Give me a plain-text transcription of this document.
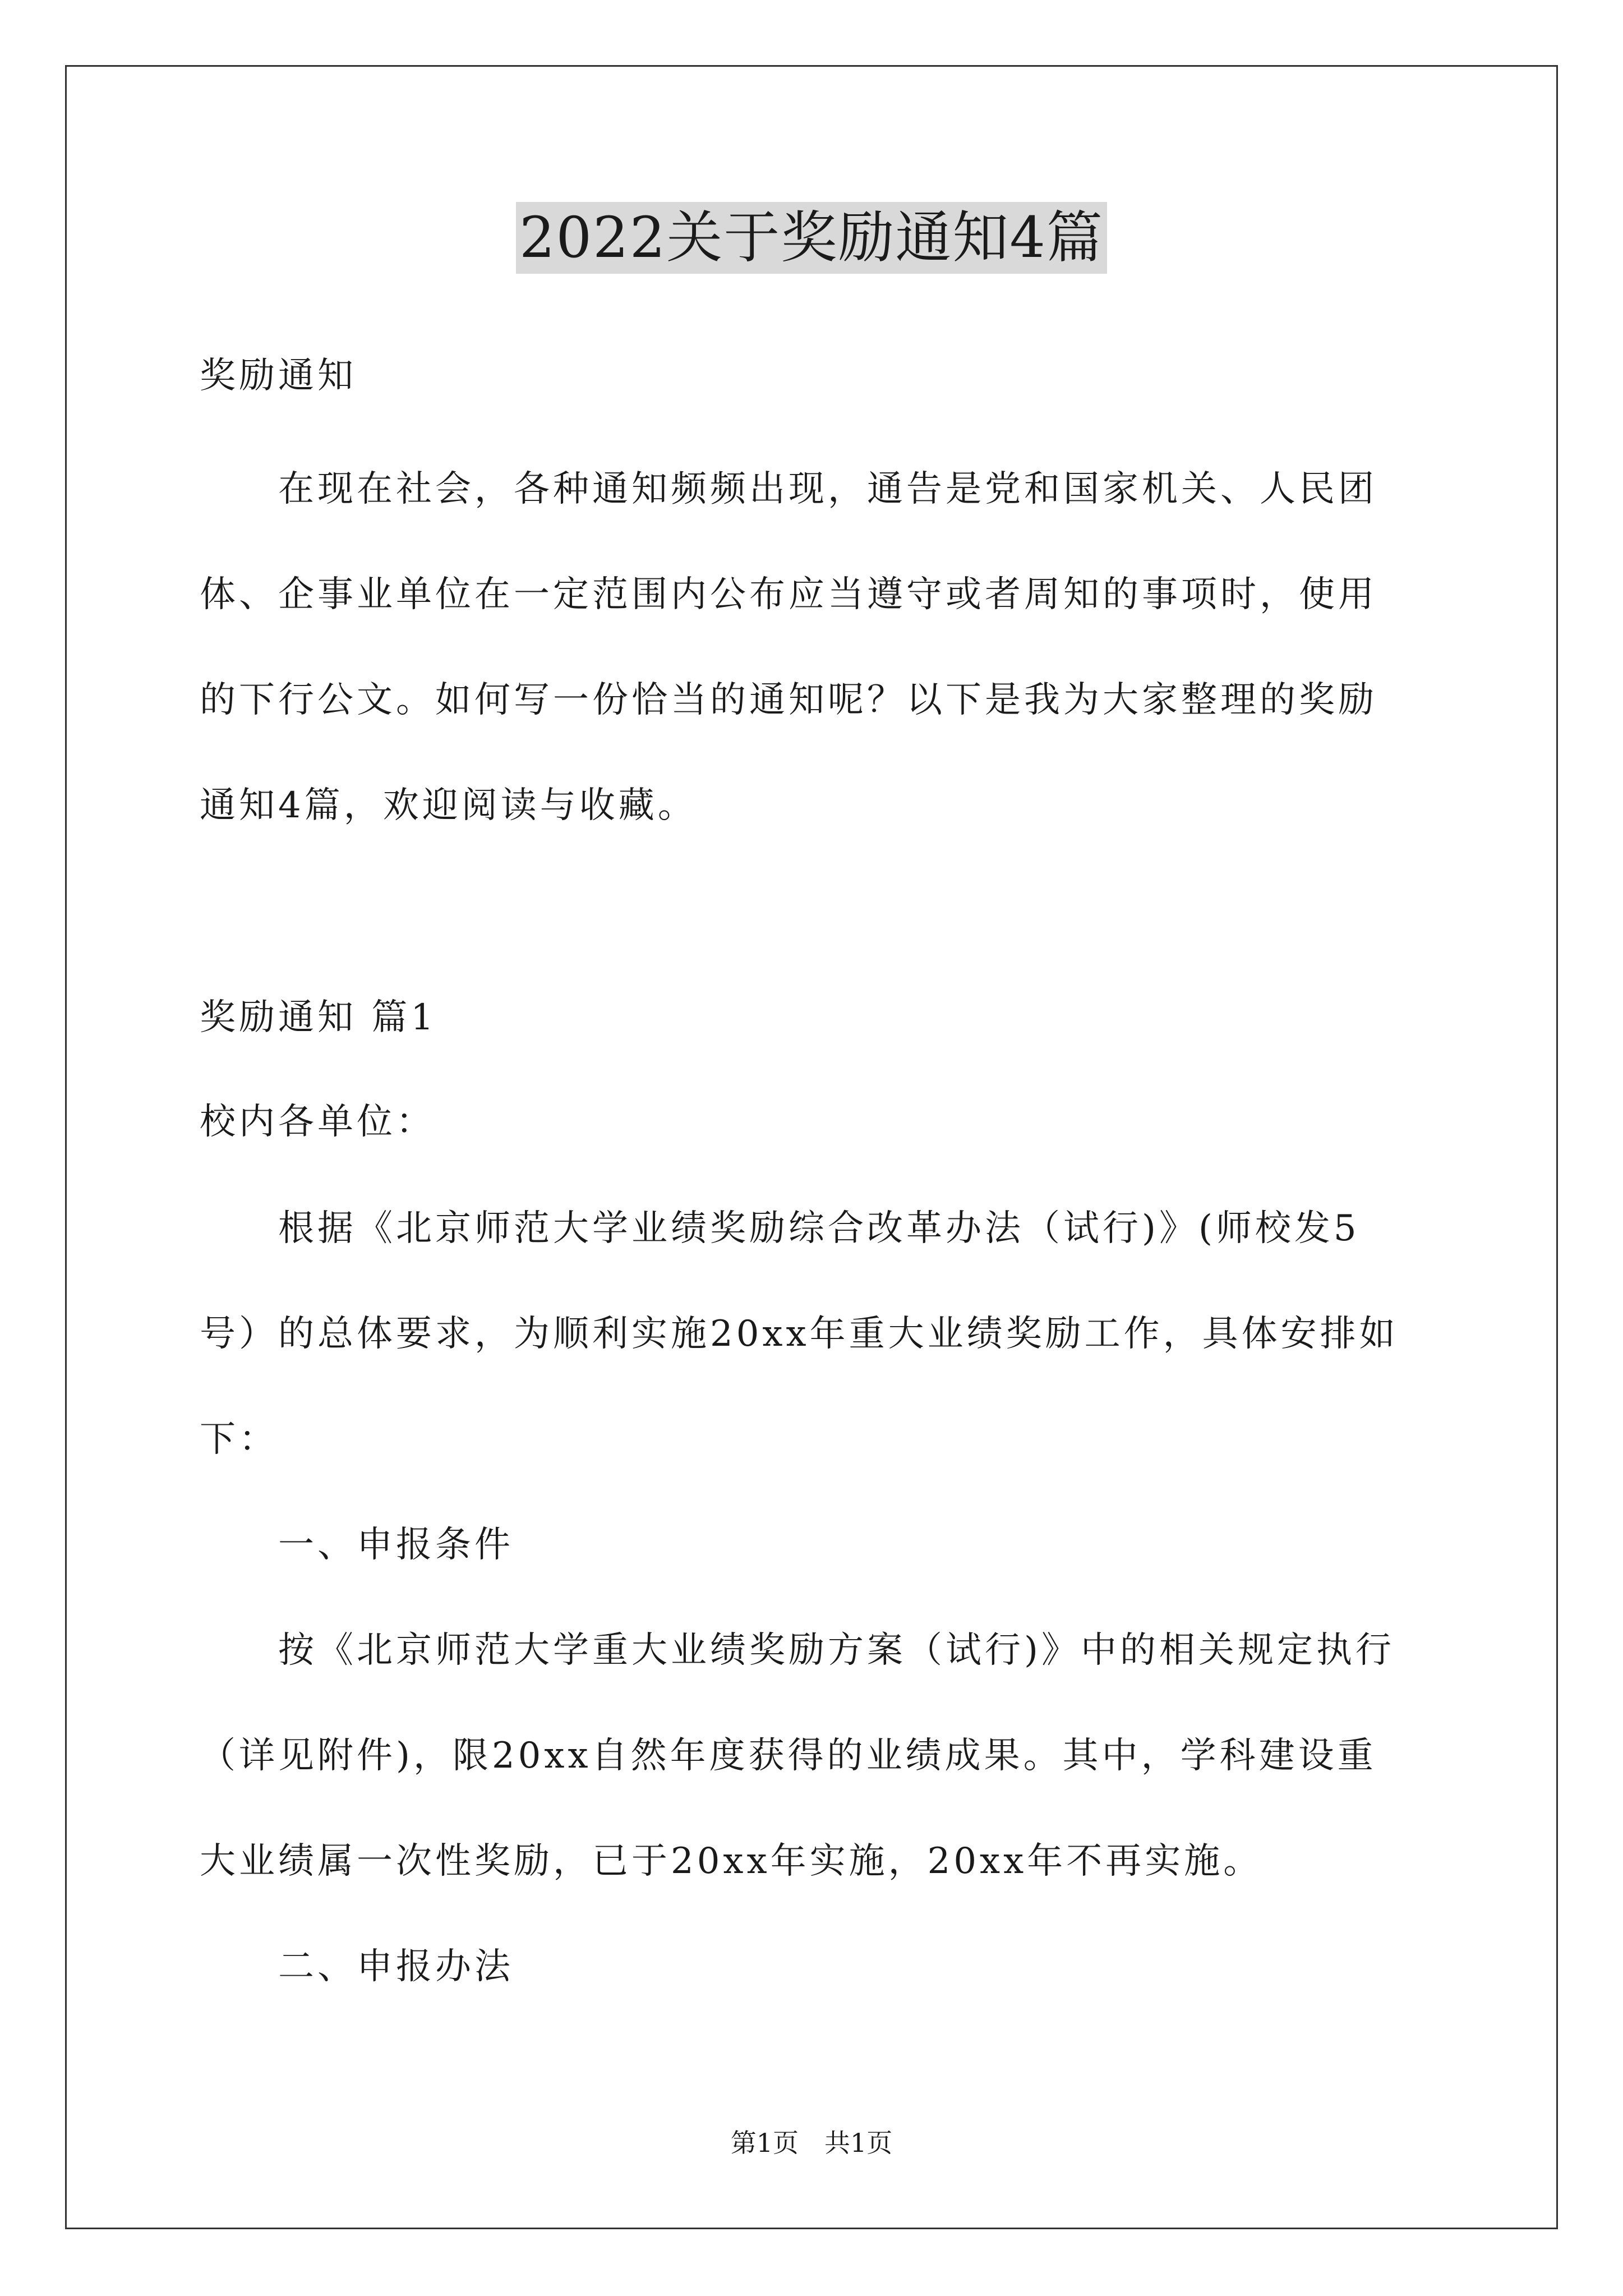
2022关于奖励通知4篇
奖励通知
　　在现在社会，各种通知频频出现，通告是党和国家机关、人民团
体、企事业单位在一定范围内公布应当遵守或者周知的事项时，使用
的下行公文。如何写一份恰当的通知呢？以下是我为大家整理的奖励
通知4篇，欢迎阅读与收藏。
奖励通知 篇1
校内各单位：
　　根据《北京师范大学业绩奖励综合改革办法（试行)》(师校发5
号）的总体要求，为顺利实施20xx年重大业绩奖励工作，具体安排如
下：
　　一、申报条件
　　按《北京师范大学重大业绩奖励方案（试行)》中的相关规定执行
（详见附件)，限20xx自然年度获得的业绩成果。其中，学科建设重
大业绩属一次性奖励，已于20xx年实施，20xx年不再实施。
　　二、申报办法
第1页　共1页
